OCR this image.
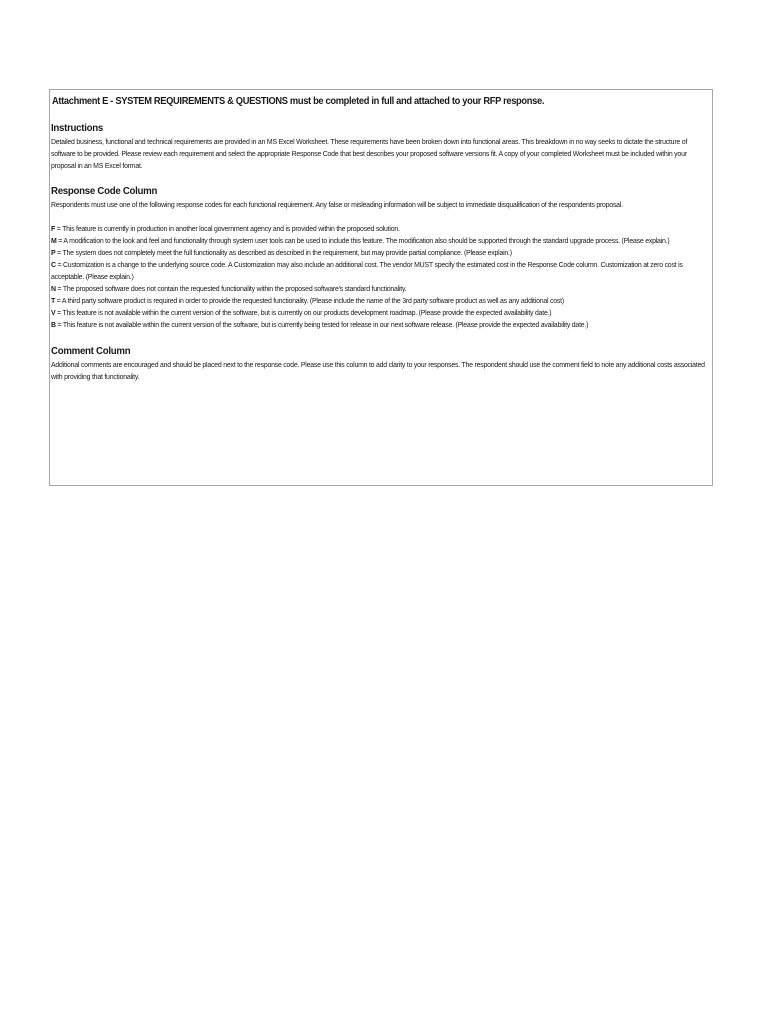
Attachment E - SYSTEM REQUIREMENTS & QUESTIONS must be completed in full and attached to your RFP response.
Instructions
Detailed business, functional and technical requirements are provided in an MS Excel Worksheet. These requirements have been broken down into functional areas. This breakdown in no way seeks to dictate the structure of software to be provided. Please review each requirement and select the appropriate Response Code that best describes your proposed software versions fit. A copy of your completed Worksheet must be included within your proposal in an MS Excel format.
Response Code Column
Respondents must use one of the following response codes for each functional requirement. Any false or misleading information will be subject to immediate disqualification of the respondents proposal.
F = This feature is currently in production in another local government agency and is provided within the proposed solution.
M = A modification to the look and feel and functionality through system user tools can be used to include this feature. The modification also should be supported through the standard upgrade process. (Please explain.)
P = The system does not completely meet the full functionality as described as described in the requirement, but may provide partial compliance. (Please explain.)
C = Customization is a change to the underlying source code. A Customization may also include an additional cost. The vendor MUST specify the estimated cost in the Response Code column. Customization at zero cost is acceptable. (Please explain.)
N = The proposed software does not contain the requested functionality within the proposed software's standard functionality.
T = A third party software product is required in order to provide the requested functionality. (Please include the name of the 3rd party software product as well as any additional cost)
V = This feature is not available within the current version of the software, but is currently on our products development roadmap. (Please provide the expected availability date.)
B = This feature is not available within the current version of the software, but is currently being tested for release in our next software release. (Please provide the expected availability date.)
Comment Column
Additional comments are encouraged and should be placed next to the response code. Please use this column to add clarity to your responses. The respondent should use the comment field to note any additional costs associated with providing that functionality.
